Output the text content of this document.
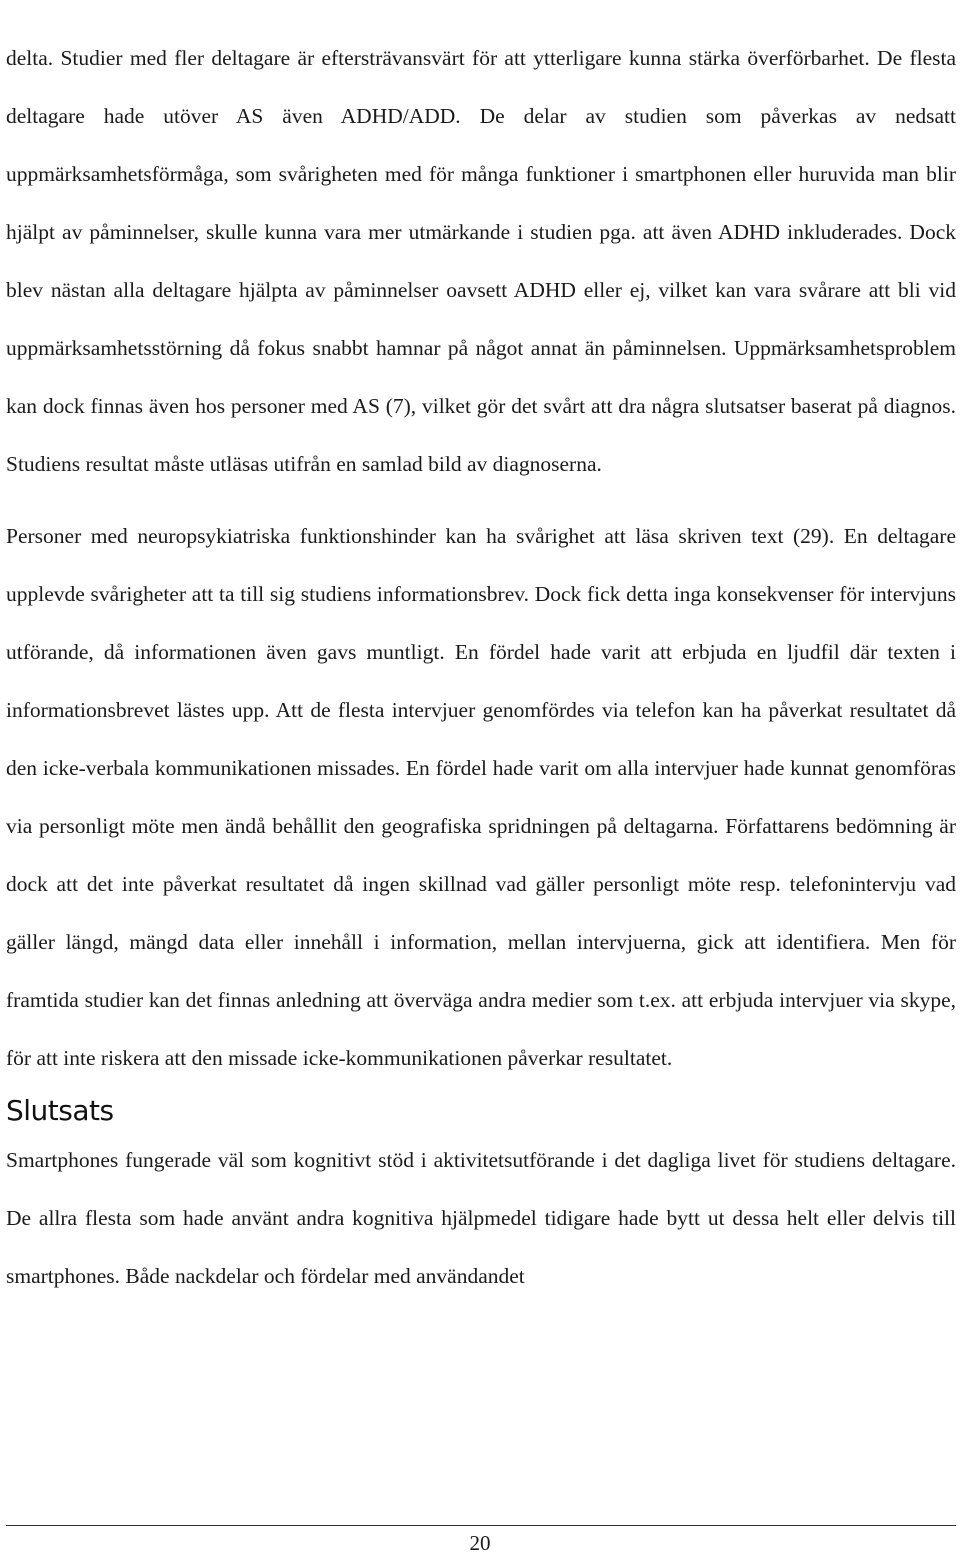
delta. Studier med fler deltagare är eftersträvansvärt för att ytterligare kunna stärka överförbarhet. De flesta deltagare hade utöver AS även ADHD/ADD. De delar av studien som påverkas av nedsatt uppmärksamhetsförmåga, som svårigheten med för många funktioner i smartphonen eller huruvida man blir hjälpt av påminnelser, skulle kunna vara mer utmärkande i studien pga. att även ADHD inkluderades. Dock blev nästan alla deltagare hjälpta av påminnelser oavsett ADHD eller ej, vilket kan vara svårare att bli vid uppmärksamhetsstörning då fokus snabbt hamnar på något annat än påminnelsen. Uppmärksamhetsproblem kan dock finnas även hos personer med AS (7), vilket gör det svårt att dra några slutsatser baserat på diagnos. Studiens resultat måste utläsas utifrån en samlad bild av diagnoserna.

Personer med neuropsykiatriska funktionshinder kan ha svårighet att läsa skriven text (29). En deltagare upplevde svårigheter att ta till sig studiens informationsbrev. Dock fick detta inga konsekvenser för intervjuns utförande, då informationen även gavs muntligt. En fördel hade varit att erbjuda en ljudfil där texten i informationsbrevet lästes upp. Att de flesta intervjuer genomfördes via telefon kan ha påverkat resultatet då den icke-verbala kommunikationen missades. En fördel hade varit om alla intervjuer hade kunnat genomföras via personligt möte men ändå behållit den geografiska spridningen på deltagarna. Författarens bedömning är dock att det inte påverkat resultatet då ingen skillnad vad gäller personligt möte resp. telefonintervju vad gäller längd, mängd data eller innehåll i information, mellan intervjuerna, gick att identifiera. Men för framtida studier kan det finnas anledning att överväga andra medier som t.ex. att erbjuda intervjuer via skype, för att inte riskera att den missade icke-kommunikationen påverkar resultatet.

Slutsats

Smartphones fungerade väl som kognitivt stöd i aktivitetsutförande i det dagliga livet för studiens deltagare. De allra flesta som hade använt andra kognitiva hjälpmedel tidigare hade bytt ut dessa helt eller delvis till smartphones. Både nackdelar och fördelar med användandet

20
